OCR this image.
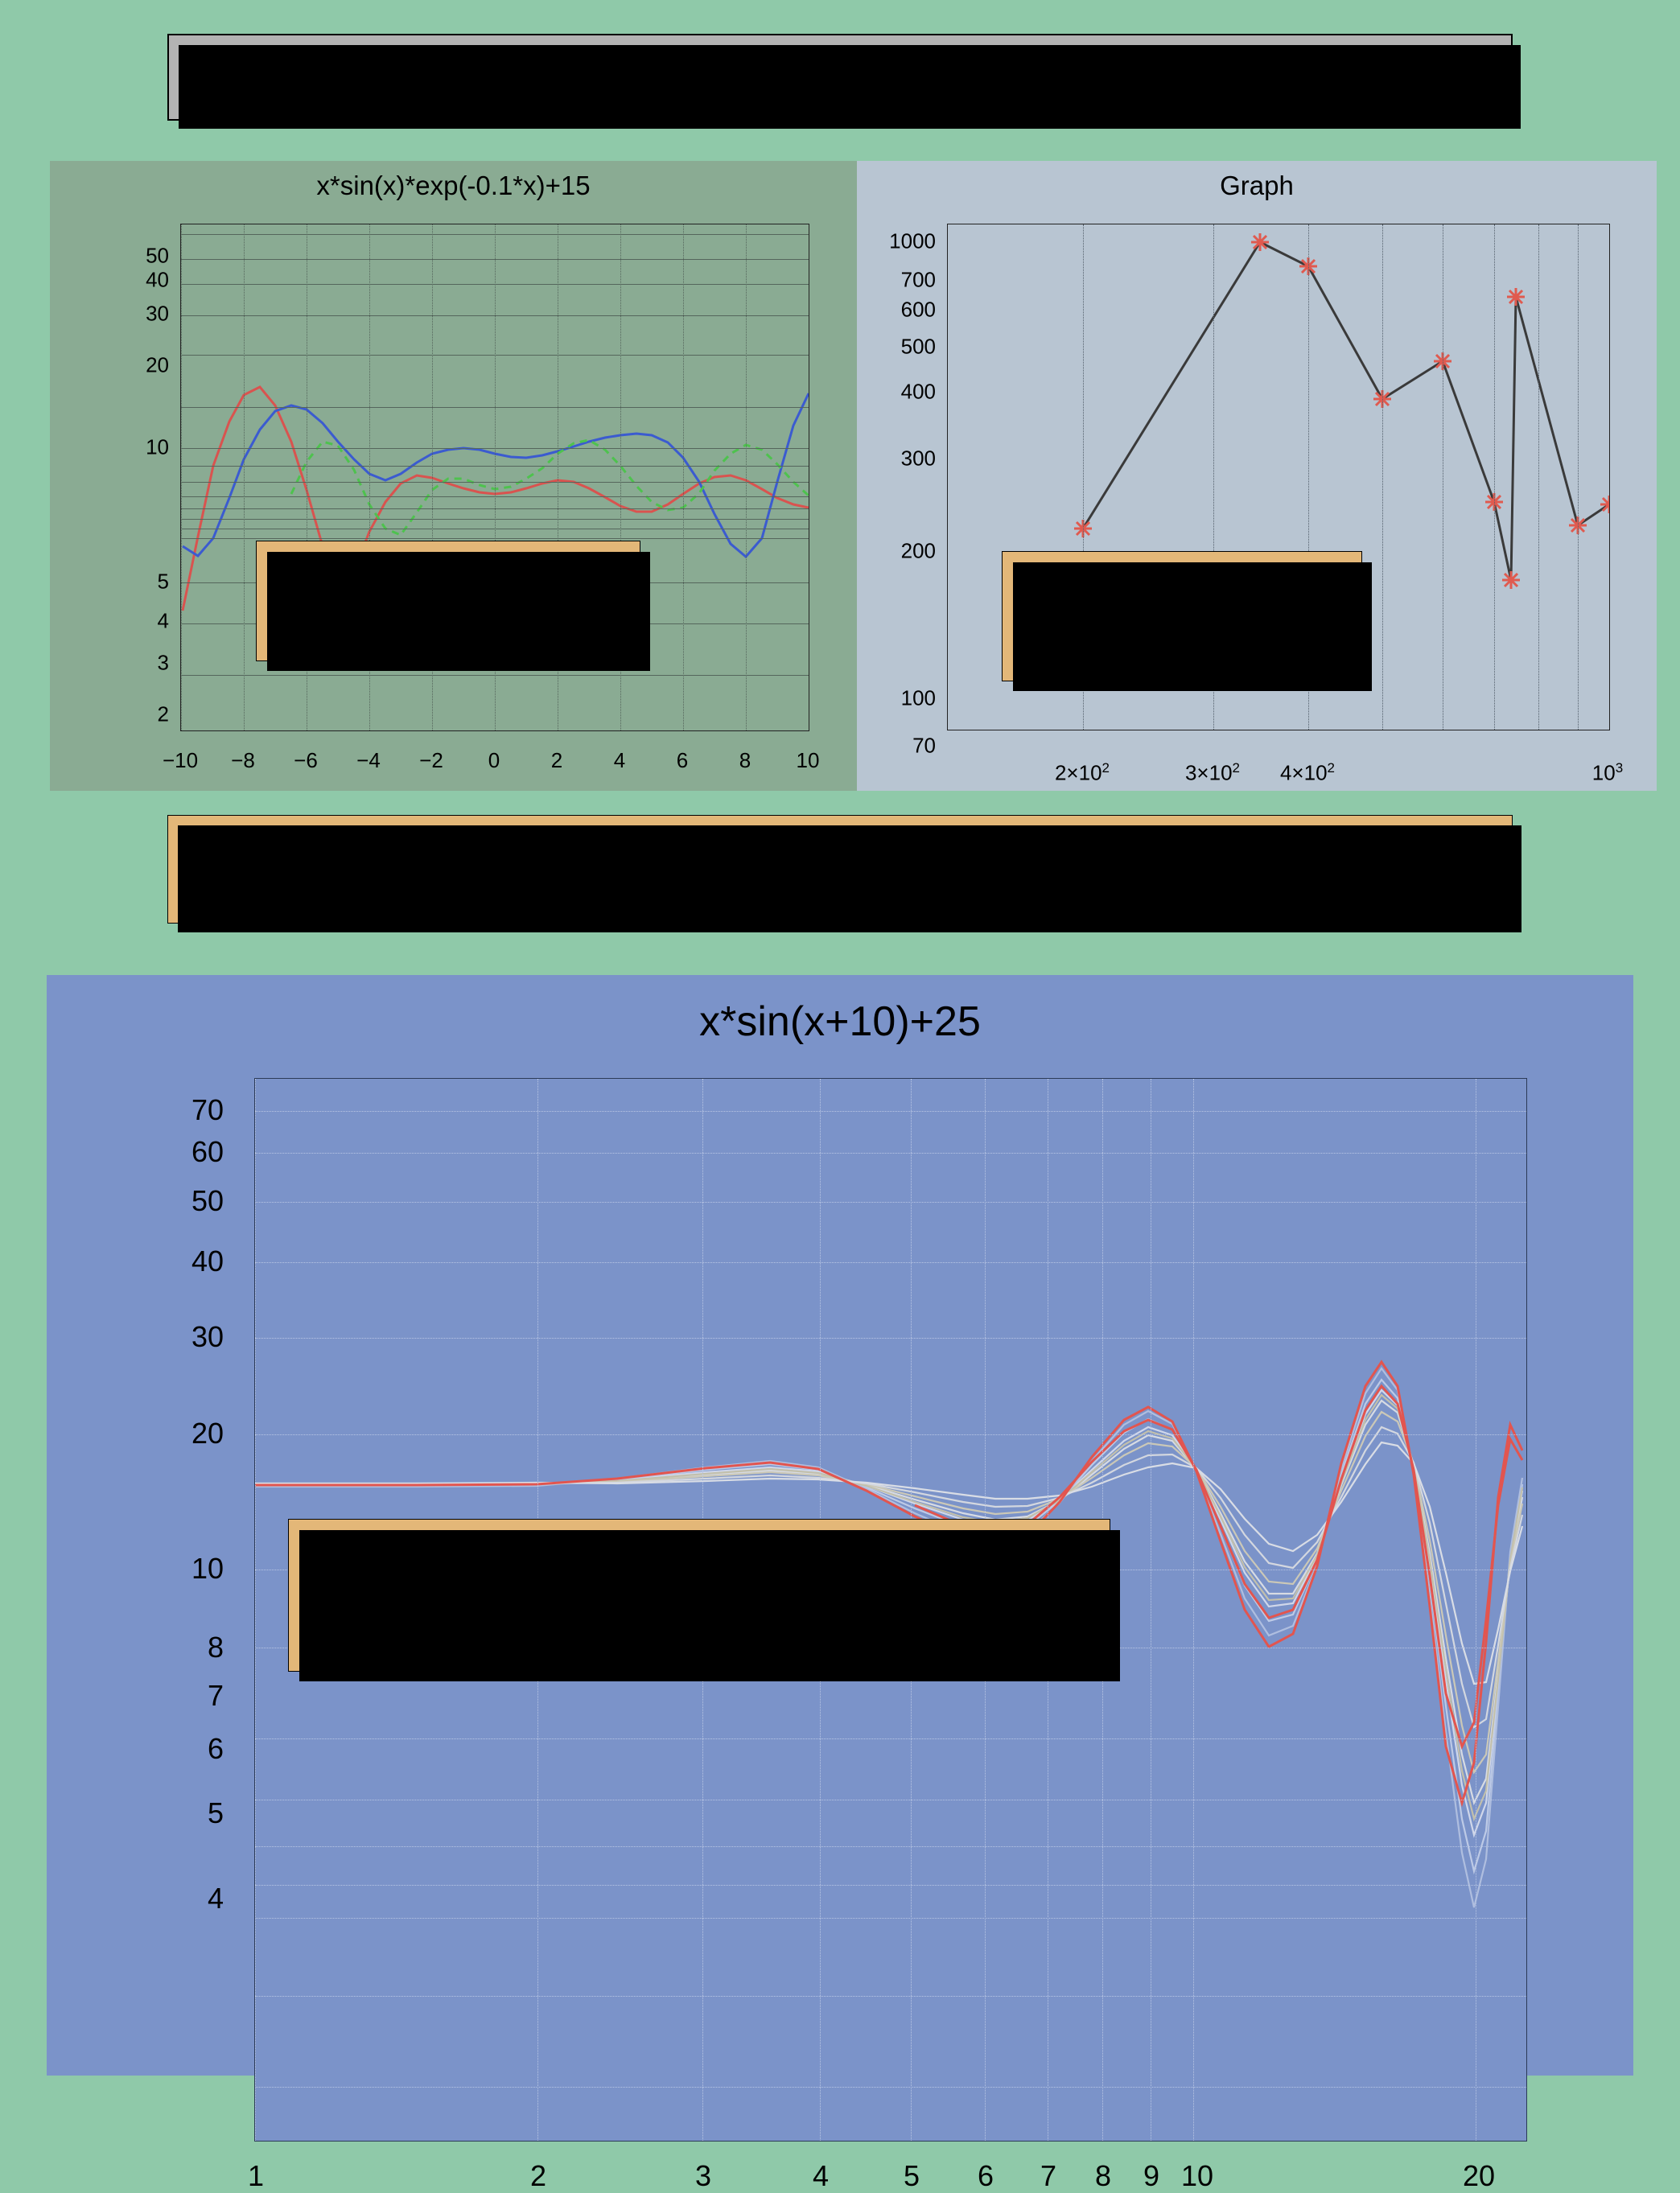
Various options on LOG scales plots
x*sin(x)*exp(-0.1*x)+15
50
40
30
20
10
5
4
3
2
−10 −8 −6 −4 −2 0 2 4 6 8 10

Log scale along Y axis.

More Log labels requested.

Graph
1000
700
600
500
400
300
200
100
70
$2\times 10^2$	$3\times 10^2$ $4\times 10^2$	$10^3$

Log scale along X and Y axis.

More Log labels on both.

No exponent along Y axis.

When more Log labels are requested, the overlapping labels are removed
x*sin(x+10)+25
70
60
50
40
30
20
10
8
7
6
5
4
1	2	3	4	5 6 7 8 9 10	20

Log scale along X and Y axis.

More Log labels on both.

The labels have no exponents (they would be 0 or 1)
